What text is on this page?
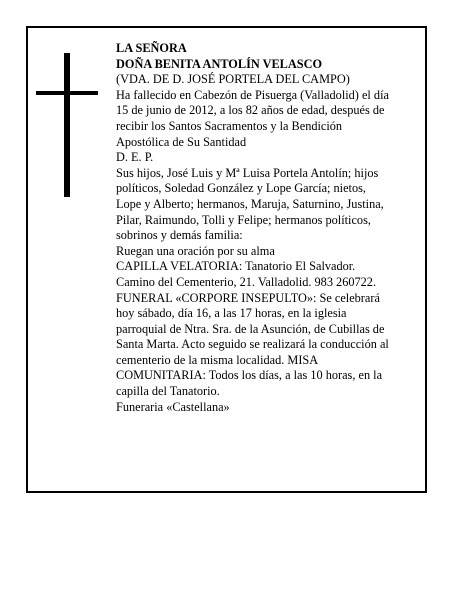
LA SEÑORA
DOÑA BENITA ANTOLÍN VELASCO
(VDA. DE D. JOSÉ PORTELA DEL CAMPO)
Ha fallecido en Cabezón de Pisuerga (Valladolid) el día
15 de junio de 2012, a los 82 años de edad, después de
recibir los Santos Sacramentos y la Bendición
Apostólica de Su Santidad
D. E. P.
Sus hijos, José Luis y Mª Luisa Portela Antolín; hijos
políticos, Soledad González y Lope García; nietos,
Lope y Alberto; hermanos, Maruja, Saturnino, Justina,
Pilar, Raimundo, Tolli y Felipe; hermanos políticos,
sobrinos y demás familia:
Ruegan una oración por su alma
CAPILLA VELATORIA: Tanatorio El Salvador.
Camino del Cementerio, 21. Valladolid. 983 260722.
FUNERAL «CORPORE INSEPULTO»: Se celebrará
hoy sábado, día 16, a las 17 horas, en la iglesia
parroquial de Ntra. Sra. de la Asunción, de Cubillas de
Santa Marta. Acto seguido se realizará la conducción al
cementerio de la misma localidad. MISA
COMUNITARIA: Todos los días, a las 10 horas, en la
capilla del Tanatorio.
Funeraria «Castellana»
